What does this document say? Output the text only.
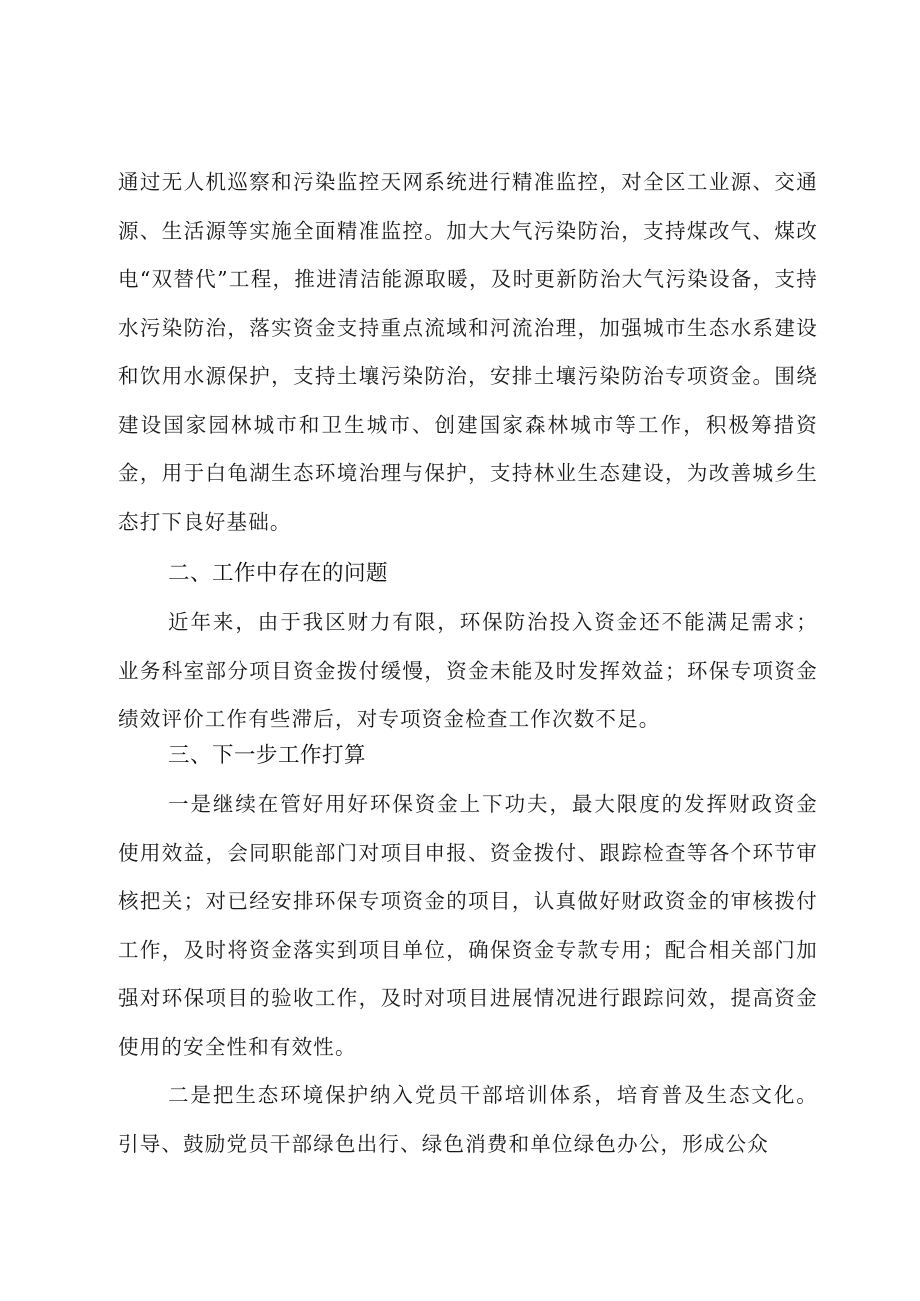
通过无人机巡察和污染监控天网系统进行精准监控，对全区工业源、交通源、生活源等实施全面精准监控。加大大气污染防治，支持煤改气、煤改电“双替代”工程，推进清洁能源取暖，及时更新防治大气污染设备，支持水污染防治，落实资金支持重点流域和河流治理，加强城市生态水系建设和饮用水源保护，支持土壤污染防治，安排土壤污染防治专项资金。围绕建设国家园林城市和卫生城市、创建国家森林城市等工作，积极筹措资金，用于白龟湖生态环境治理与保护，支持林业生态建设，为改善城乡生态打下良好基础。

二、工作中存在的问题

近年来，由于我区财力有限，环保防治投入资金还不能满足需求；业务科室部分项目资金拨付缓慢，资金未能及时发挥效益；环保专项资金绩效评价工作有些滞后，对专项资金检查工作次数不足。

三、下一步工作打算

一是继续在管好用好环保资金上下功夫，最大限度的发挥财政资金使用效益，会同职能部门对项目申报、资金拨付、跟踪检查等各个环节审核把关；对已经安排环保专项资金的项目，认真做好财政资金的审核拨付工作，及时将资金落实到项目单位，确保资金专款专用；配合相关部门加强对环保项目的验收工作，及时对项目进展情况进行跟踪问效，提高资金使用的安全性和有效性。

二是把生态环境保护纳入党员干部培训体系，培育普及生态文化。引导、鼓励党员干部绿色出行、绿色消费和单位绿色办公，形成公众
